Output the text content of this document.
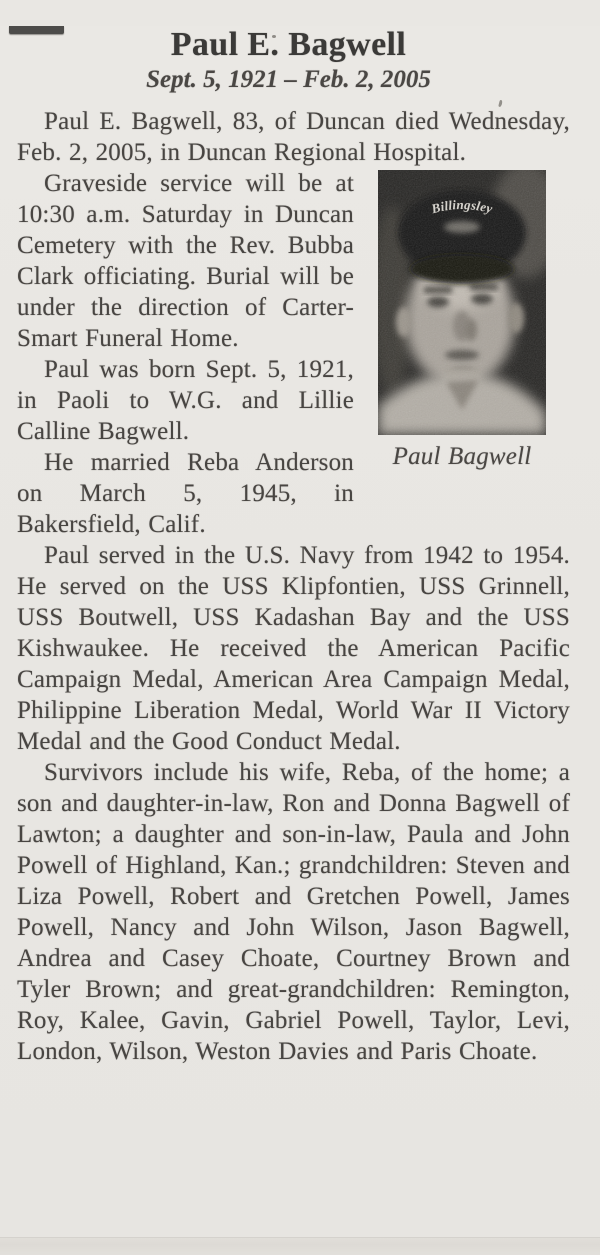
Paul E. Bagwell
Sept. 5, 1921 – Feb. 2, 2005

Paul E. Bagwell, 83, of Duncan died Wednesday, Feb. 2, 2005, in Duncan Regional Hospital.

Paul Bagwell

Graveside service will be at 10:30 a.m. Saturday in Duncan Cemetery with the Rev. Bubba Clark officiating. Burial will be under the direction of Carter-Smart Funeral Home.

Paul was born Sept. 5, 1921, in Paoli to W.G. and Lillie Calline Bagwell.

He married Reba Anderson on March 5, 1945, in Bakersfield, Calif.

Paul served in the U.S. Navy from 1942 to 1954. He served on the USS Klipfontien, USS Grinnell, USS Boutwell, USS Kadashan Bay and the USS Kishwaukee. He received the American Pacific Campaign Medal, American Area Campaign Medal, Philippine Liberation Medal, World War II Victory Medal and the Good Conduct Medal.

Survivors include his wife, Reba, of the home; a son and daughter-in-law, Ron and Donna Bagwell of Lawton; a daughter and son-in-law, Paula and John Powell of Highland, Kan.; grandchildren: Steven and Liza Powell, Robert and Gretchen Powell, James Powell, Nancy and John Wilson, Jason Bagwell, Andrea and Casey Choate, Courtney Brown and Tyler Brown; and great-grandchildren: Remington, Roy, Kalee, Gavin, Gabriel Powell, Taylor, Levi, London, Wilson, Weston Davies and Paris Choate.
